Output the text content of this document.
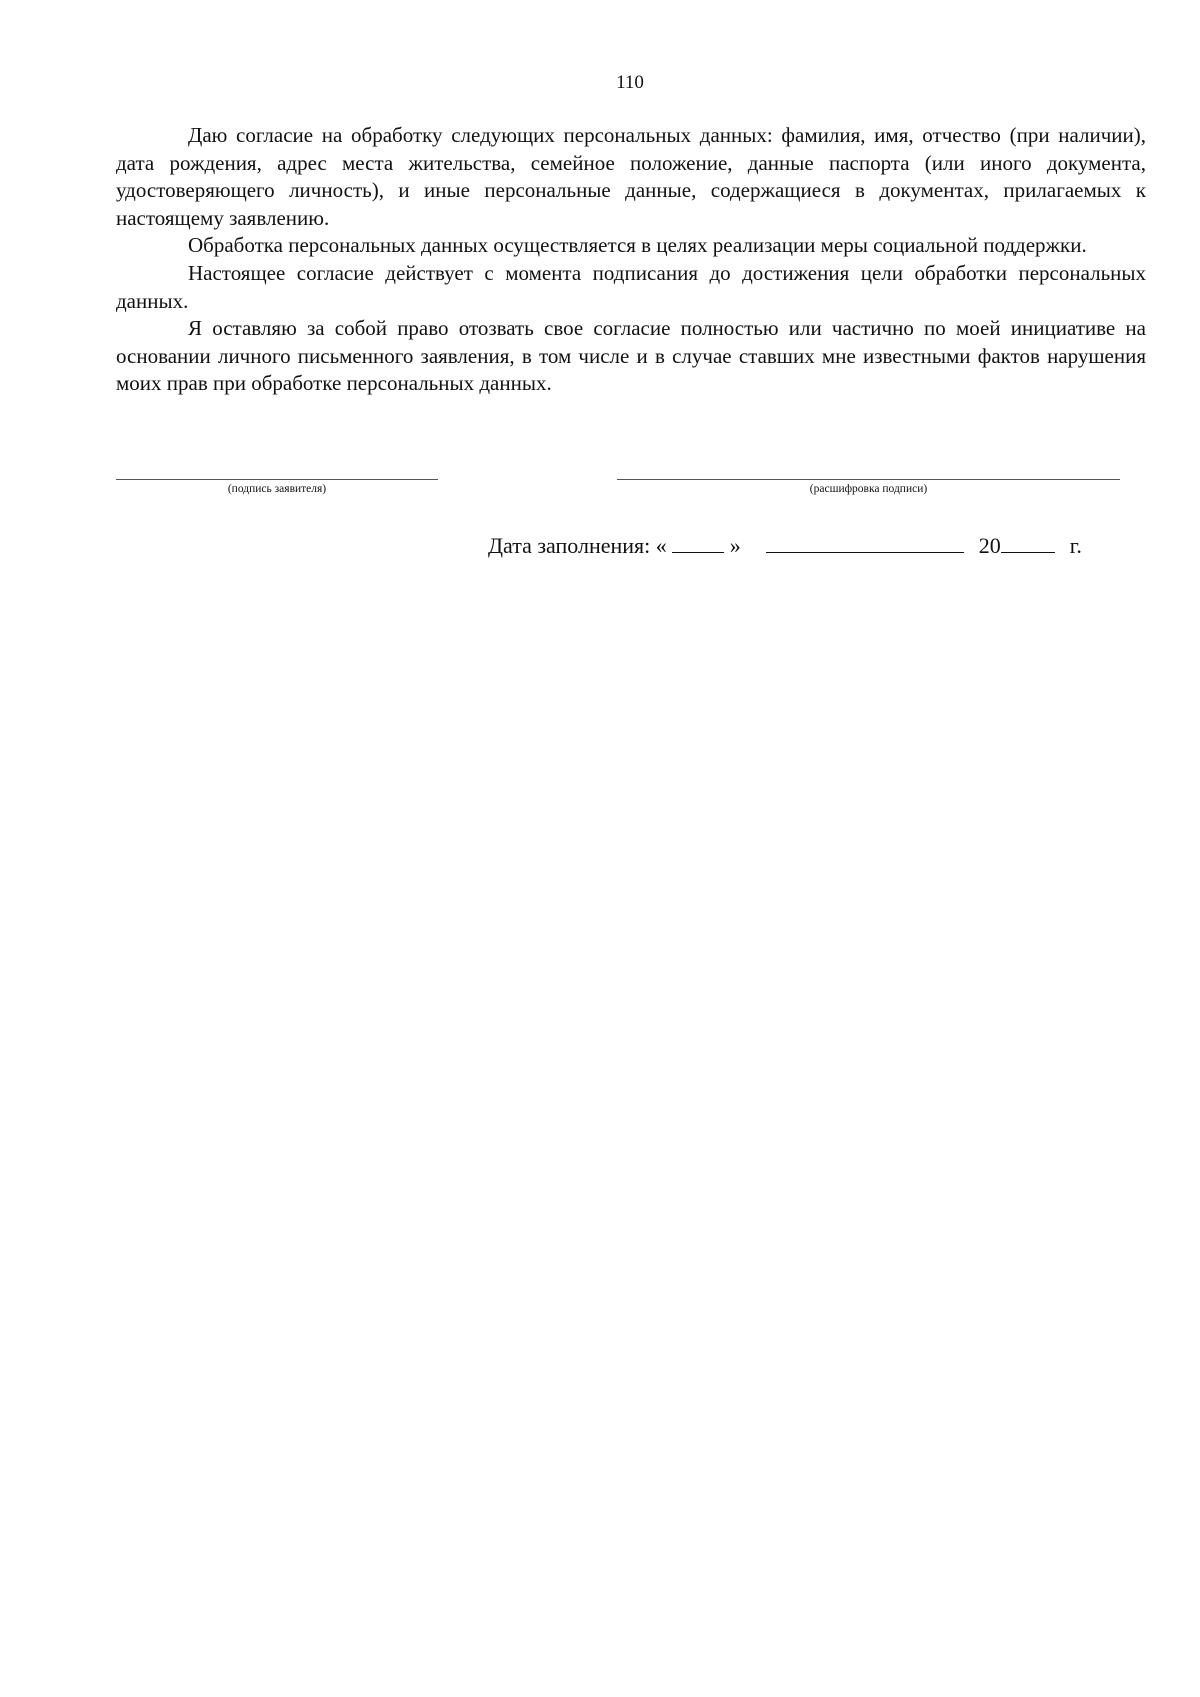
110

Даю согласие на обработку следующих персональных данных: фамилия, имя, отчество (при наличии), дата рождения, адрес места жительства, семейное положение, данные паспорта (или иного документа, удостоверяющего личность), и иные персональные данные, содержащиеся в документах, прилагаемых к настоящему заявлению.

Обработка персональных данных осуществляется в целях реализации меры социальной поддержки.

Настоящее согласие действует с момента подписания до достижения цели обработки персональных данных.

Я оставляю за собой право отозвать свое согласие полностью или частично по моей инициативе на основании личного письменного заявления, в том числе и в случае ставших мне известными фактов нарушения моих прав при обработке персональных данных.

(подпись заявителя)	(расшифровка подписи)
Дата заполнения: «	»	20	г.
